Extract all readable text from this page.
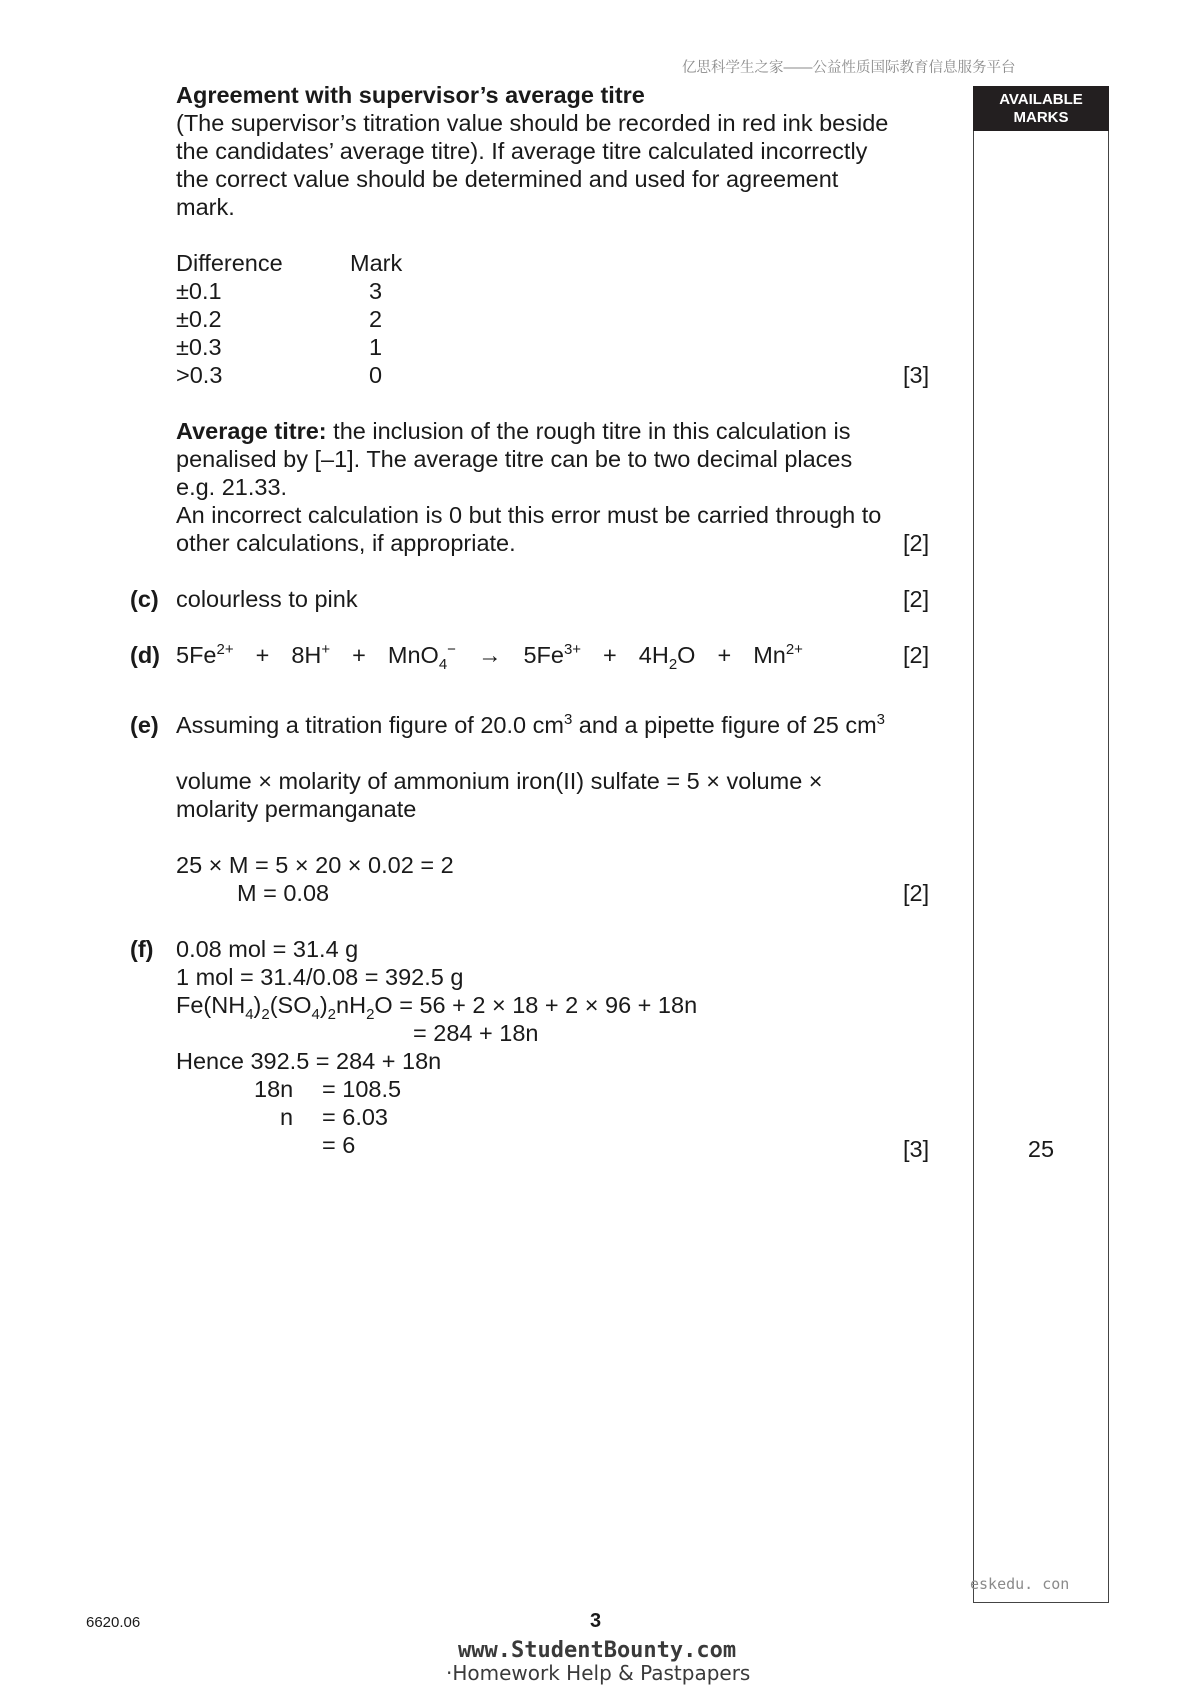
亿思科学生之家——公益性质国际教育信息服务平台
AVAILABLE
MARKS
Agreement with supervisor’s average titre
(The supervisor’s titration value should be recorded in red ink beside
the candidates’ average titre). If average titre calculated incorrectly
the correct value should be determined and used for agreement
mark.
Difference	Mark
±0.1	3
±0.2	2
±0.3	1
>0.3	0	[3]
Average titre: the inclusion of the rough titre in this calculation is
penalised by [–1]. The average titre can be to two decimal places
e.g. 21.33.
An incorrect calculation is 0 but this error must be carried through to
other calculations, if appropriate.	[2]
(c) colourless to pink	[2]
(d) $5Fe^{2+} + 8H^+ + MnO_4^- \to 5Fe^{3+} + 4H_2O + Mn^{2+}$	[2]
(e) Assuming a titration figure of 20.0 $cm^3$ and a pipette figure of 25 $cm^3$
volume × molarity of ammonium iron(II) sulfate = 5 × volume ×
molarity permanganate
25 × M = 5 × 20 × 0.02 = 2
M = 0.08	[2]
(f) 0.08 mol = 31.4 g
1 mol = 31.4/0.08 = 392.5 g
$Fe(NH_4)_2(SO_4)_2nH_2O = 56 + 2 \times 18 + 2 \times 96 + 18n$
= 284 + 18n
Hence 392.5 = 284 + 18n
18n = 108.5
n = 6.03
= 6	[3]	25
eskedu. con
6620.06	3
www.StudentBounty.com
·Homework Help & Pastpapers
